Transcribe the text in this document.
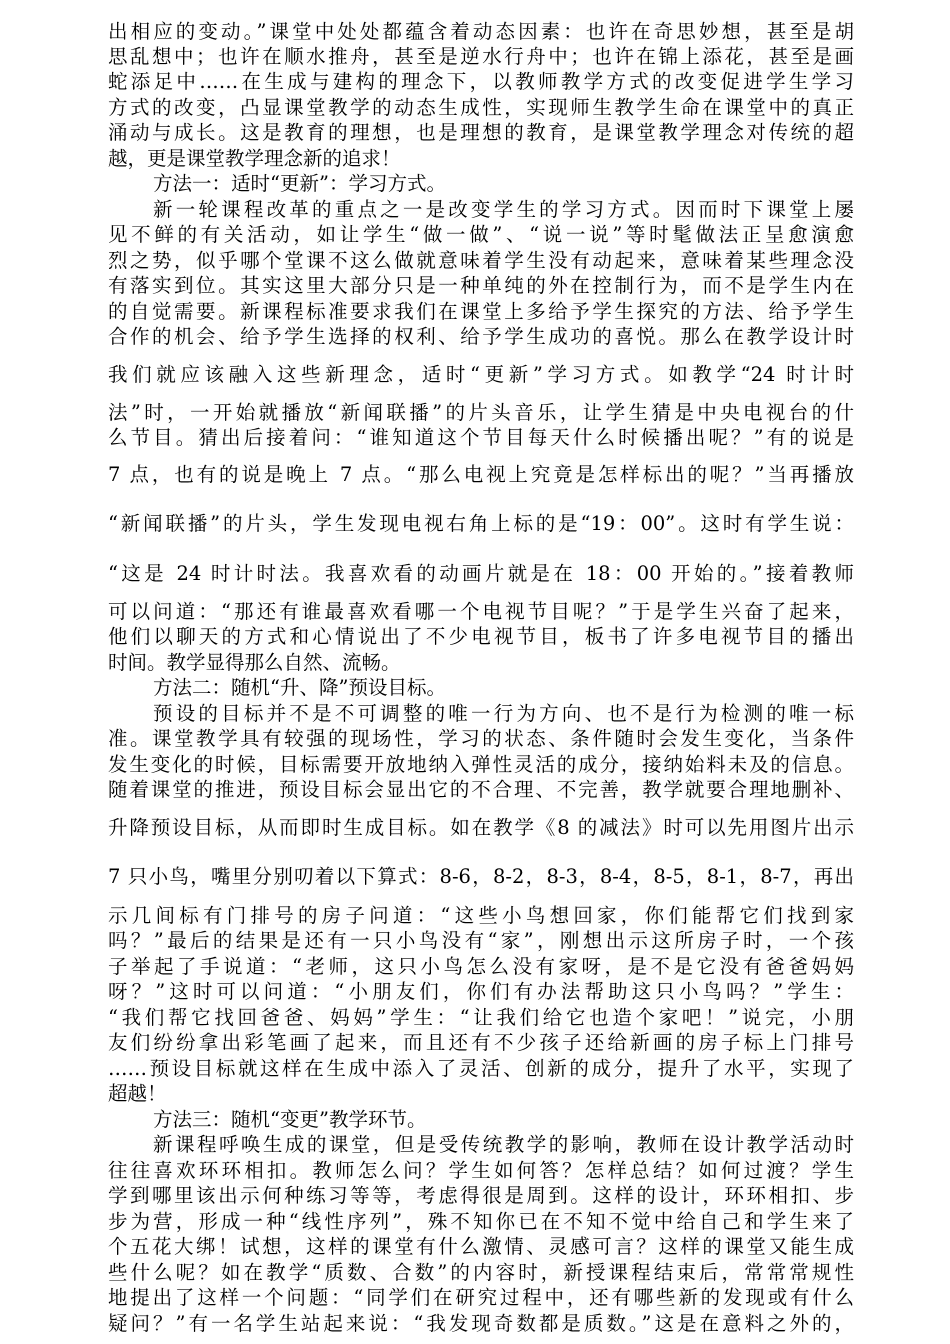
出相应的变动。”课堂中处处都蕴含着动态因素：也许在奇思妙想，甚至是胡
思乱想中；也许在顺水推舟，甚至是逆水行舟中；也许在锦上添花，甚至是画
蛇添足中……在生成与建构的理念下，以教师教学方式的改变促进学生学习
方式的改变，凸显课堂教学的动态生成性，实现师生教学生命在课堂中的真正
涌动与成长。这是教育的理想，也是理想的教育，是课堂教学理念对传统的超
越，更是课堂教学理念新的追求！
方法一：适时“更新”：学习方式。
新一轮课程改革的重点之一是改变学生的学习方式。因而时下课堂上屡
见不鲜的有关活动，如让学生“做一做”、“说一说”等时髦做法正呈愈演愈
烈之势，似乎哪个堂课不这么做就意味着学生没有动起来，意味着某些理念没
有落实到位。其实这里大部分只是一种单纯的外在控制行为，而不是学生内在
的自觉需要。新课程标准要求我们在课堂上多给予学生探究的方法、给予学生
合作的机会、给予学生选择的权利、给予学生成功的喜悦。那么在教学设计时
我们就应该融入这些新理念，适时“更新”学习方式。如教学“24 时计时
法”时，一开始就播放“新闻联播”的片头音乐，让学生猜是中央电视台的什
么节目。猜出后接着问：“谁知道这个节目每天什么时候播出呢？”有的说是
7 点，也有的说是晚上 7 点。“那么电视上究竟是怎样标出的呢？”当再播放
“新闻联播”的片头，学生发现电视右角上标的是“19：00”。这时有学生说：
“这是 24 时计时法。我喜欢看的动画片就是在 18：00 开始的。”接着教师
可以问道：“那还有谁最喜欢看哪一个电视节目呢？”于是学生兴奋了起来，
他们以聊天的方式和心情说出了不少电视节目，板书了许多电视节目的播出
时间。教学显得那么自然、流畅。
方法二：随机“升、降”预设目标。
预设的目标并不是不可调整的唯一行为方向、也不是行为检测的唯一标
准。课堂教学具有较强的现场性，学习的状态、条件随时会发生变化，当条件
发生变化的时候，目标需要开放地纳入弹性灵活的成分，接纳始料未及的信息。
随着课堂的推进，预设目标会显出它的不合理、不完善，教学就要合理地删补、
升降预设目标，从而即时生成目标。如在教学《8 的减法》时可以先用图片出示
7 只小鸟，嘴里分别叨着以下算式：8-6，8-2，8-3，8-4，8-5，8-1，8-7，再出
示几间标有门排号的房子问道：“这些小鸟想回家，你们能帮它们找到家
吗？”最后的结果是还有一只小鸟没有“家”，刚想出示这所房子时，一个孩
子举起了手说道：“老师，这只小鸟怎么没有家呀，是不是它没有爸爸妈妈
呀？”这时可以问道：“小朋友们，你们有办法帮助这只小鸟吗？”学生：
“我们帮它找回爸爸、妈妈”学生：“让我们给它也造个家吧！”说完，小朋
友们纷纷拿出彩笔画了起来，而且还有不少孩子还给新画的房子标上门排号
……预设目标就这样在生成中添入了灵活、创新的成分，提升了水平，实现了
超越！
方法三：随机“变更”教学环节。
新课程呼唤生成的课堂，但是受传统教学的影响，教师在设计教学活动时
往往喜欢环环相扣。教师怎么问？学生如何答？怎样总结？如何过渡？学生
学到哪里该出示何种练习等等，考虑得很是周到。这样的设计，环环相扣、步
步为营，形成一种“线性序列”，殊不知你已在不知不觉中给自己和学生来了
个五花大绑！试想，这样的课堂有什么激情、灵感可言？这样的课堂又能生成
些什么呢？如在教学“质数、合数”的内容时，新授课程结束后，常常常规性
地提出了这样一个问题：“同学们在研究过程中，还有哪些新的发现或有什么
疑问？”有一名学生站起来说：“我发现奇数都是质数。”这是在意料之外的，
